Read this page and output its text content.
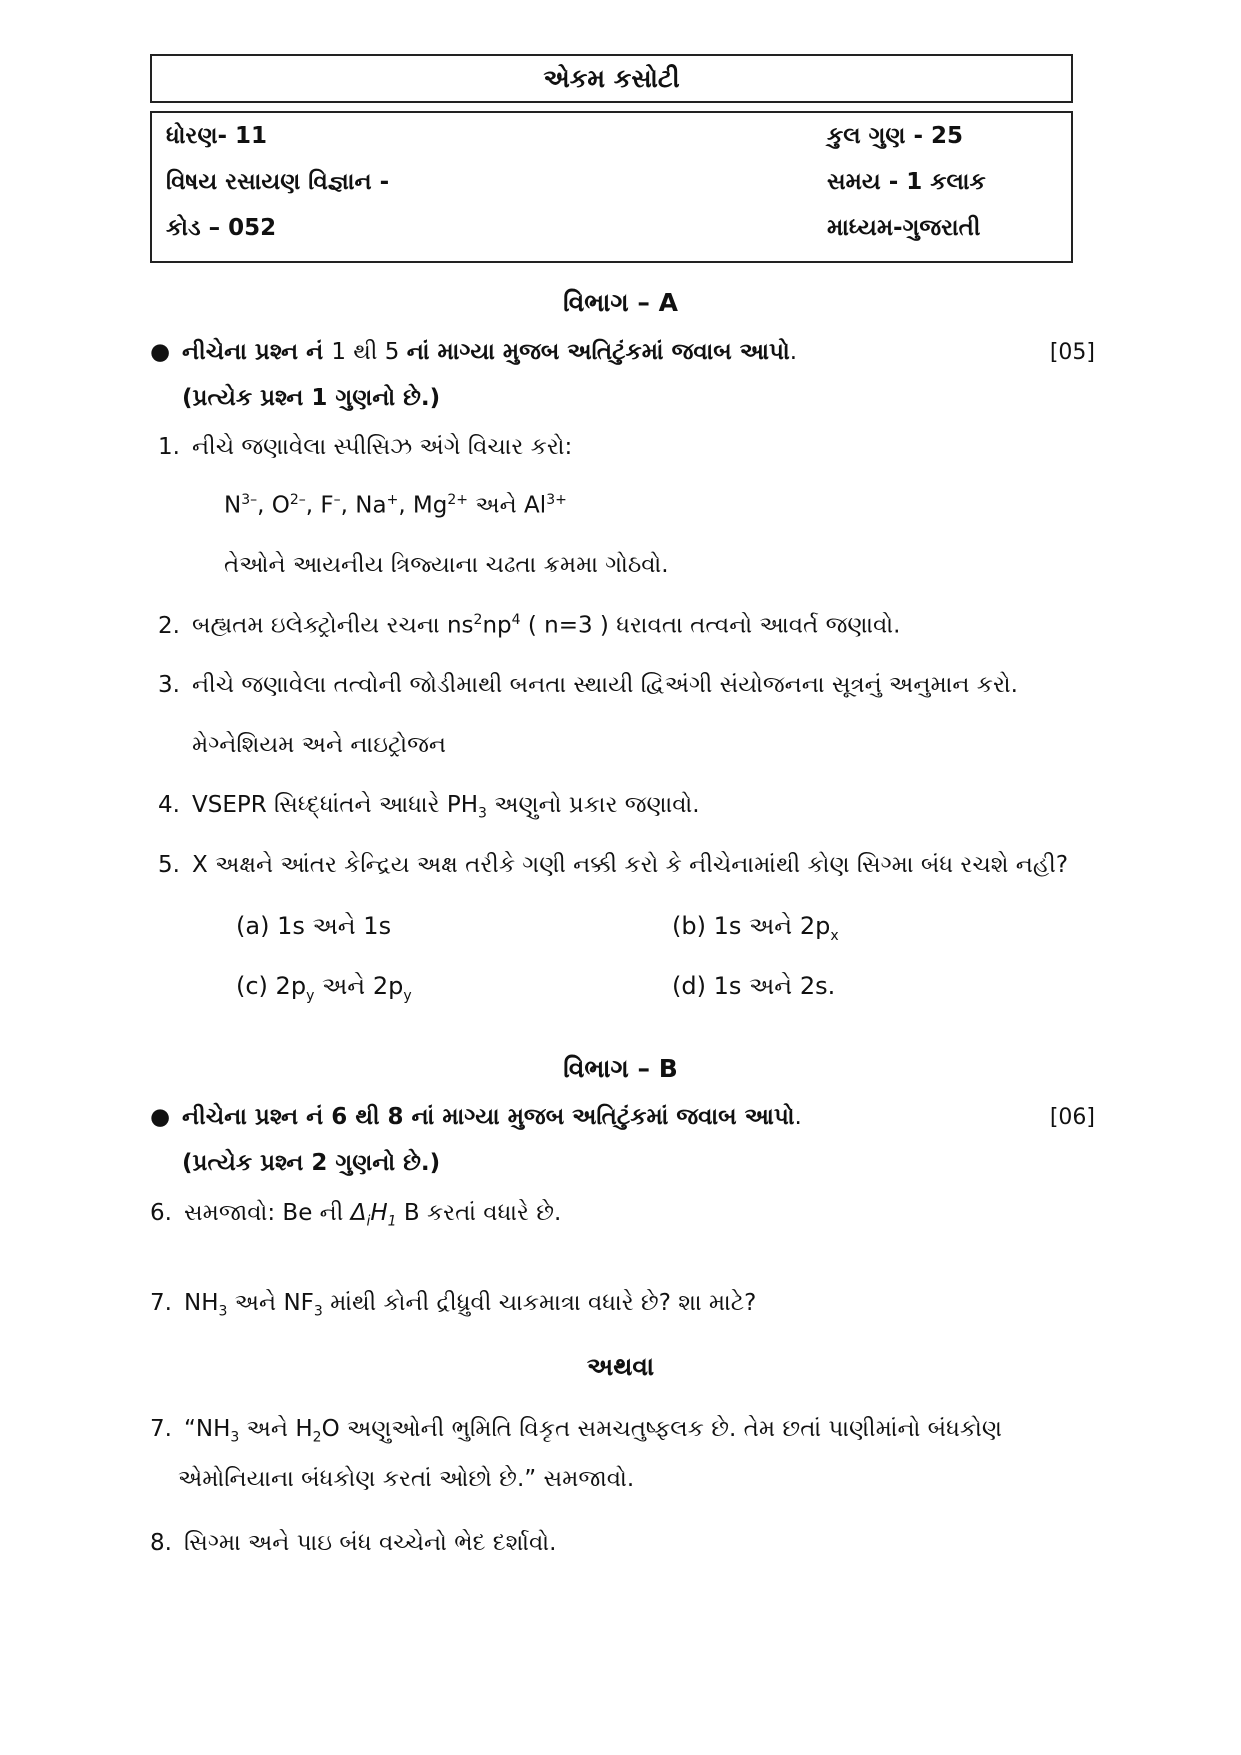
એકમ કસોટી
ધોરણ- 11	કુલ ગુણ - 25
વિષય રસાયણ વિજ્ઞાન -	સમય - 1 કલાક
કોડ – 052	માધ્યમ-ગુજરાતી
વિભાગ – A
● નીચેના પ્રશ્ન નં 1 થી 5 નાં માગ્યા મુજબ અતિટુંકમાં જવાબ આપો.	[05]
(પ્રત્યેક પ્રશ્ન 1 ગુણનો છે.)
1. નીચે જણાવેલા સ્પીસિઝ અંગે વિચાર કરો:
$N^{3-}$, $O^{2-}$, F–, Na+, $Mg^{2+}$ અને $Al^{3+}$
તેઓને આયનીય ત્રિજ્યાના ચઢતા ક્રમમા ગોઠવો.
2. બહ્યતમ ઇલેક્ટ્રોનીય રચના $ns^2np^4$ ( n=3 ) ધરાવતા તત્વનો આવર્ત જણાવો.
3. નીચે જણાવેલા તત્વોની જોડીમાથી બનતા સ્થાયી દ્વિઅંગી સંયોજનના સૂત્રનું અનુમાન કરો.
મેગ્નેશિયમ અને નાઇટ્રોજન
4. VSEPR સિધ્દ્ધાંતને આધારે $PH_3$ અણુનો પ્રકાર જણાવો.
5. X અક્ષને આંતર કેન્દ્રિય અક્ષ તરીકે ગણી નક્કી કરો કે નીચેનામાંથી કોણ સિગ્મા બંધ રચશે નહી?
(a) 1s અને 1s	(b) 1s અને $2p_x$
(c) $2p_y$ અને $2p_y$	(d) 1s અને 2s.
વિભાગ – B
● નીચેના પ્રશ્ન નં 6 થી 8 નાં માગ્યા મુજબ અતિટુંકમાં જવાબ આપો.	[06]
(પ્રત્યેક પ્રશ્ન 2 ગુણનો છે.)
6. સમજાવો: Be ની $\Delta_iH_1$ B કરતાં વધારે છે.
7. $NH_3$ અને $NF_3$ માંથી કોની દ્રીધ્રુવી ચાકમાત્રા વધારે છે? શા માટે?
અથવા
7. “$NH_3$ અને $H_2O$ અણુઓની ભુમિતિ વિકૃત સમચતુષ્ફલક છે. તેમ છતાં પાણીમાંનો બંધકોણ
એમોનિયાના બંધકોણ કરતાં ઓછો છે.” સમજાવો.
8. સિગ્મા અને પાઇ બંધ વચ્ચેનો ભેદ દર્શાવો.
